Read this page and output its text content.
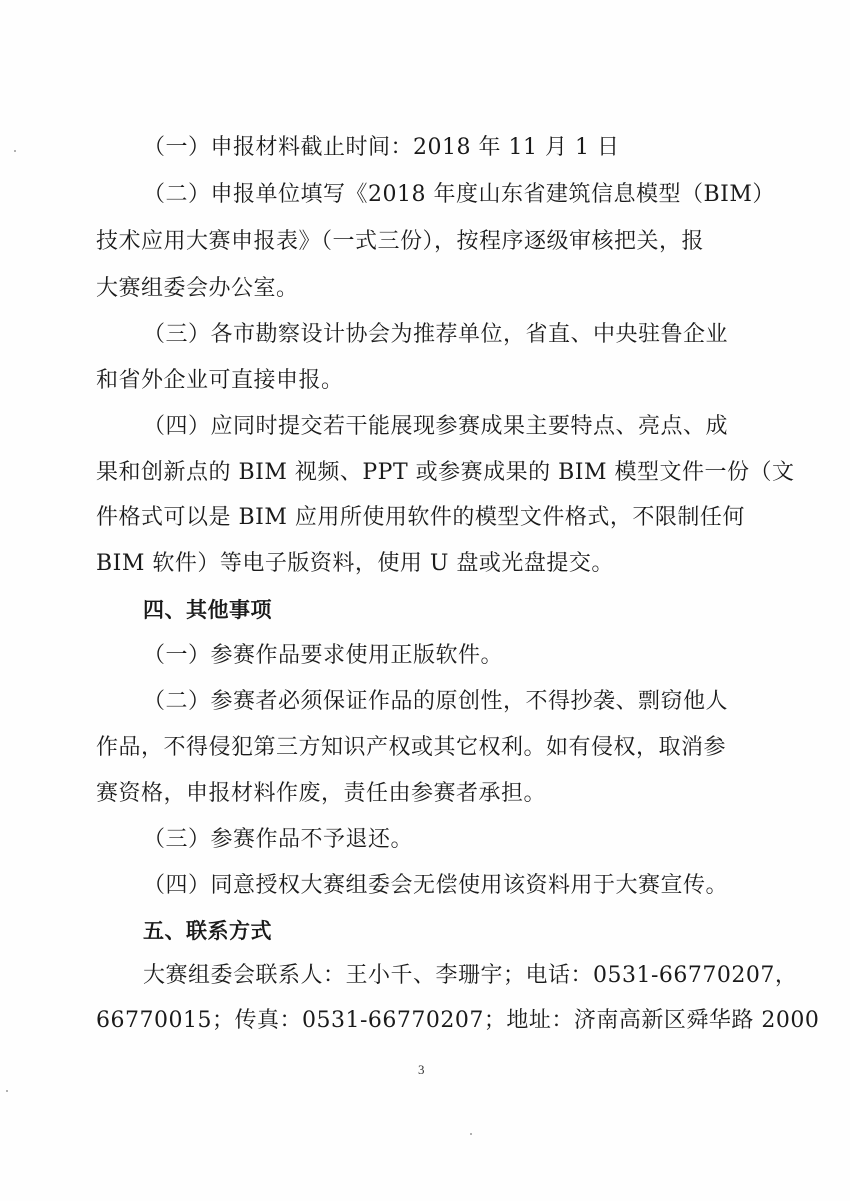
（一）申报材料截止时间：2018 年 11 月 1 日
（二）申报单位填写《2018 年度山东省建筑信息模型（BIM）
技术应用大赛申报表》（一式三份），按程序逐级审核把关，报
大赛组委会办公室。
（三）各市勘察设计协会为推荐单位，省直、中央驻鲁企业
和省外企业可直接申报。
（四）应同时提交若干能展现参赛成果主要特点、亮点、成
果和创新点的 BIM 视频、PPT 或参赛成果的 BIM 模型文件一份（文
件格式可以是 BIM 应用所使用软件的模型文件格式，不限制任何
BIM 软件）等电子版资料，使用 U 盘或光盘提交。
四、其他事项
（一）参赛作品要求使用正版软件。
（二）参赛者必须保证作品的原创性，不得抄袭、剽窃他人
作品，不得侵犯第三方知识产权或其它权利。如有侵权，取消参
赛资格，申报材料作废，责任由参赛者承担。
（三）参赛作品不予退还。
（四）同意授权大赛组委会无偿使用该资料用于大赛宣传。
五、联系方式
大赛组委会联系人：王小千、李珊宇；电话：0531-66770207，
66770015；传真：0531-66770207；地址：济南高新区舜华路 2000
3
